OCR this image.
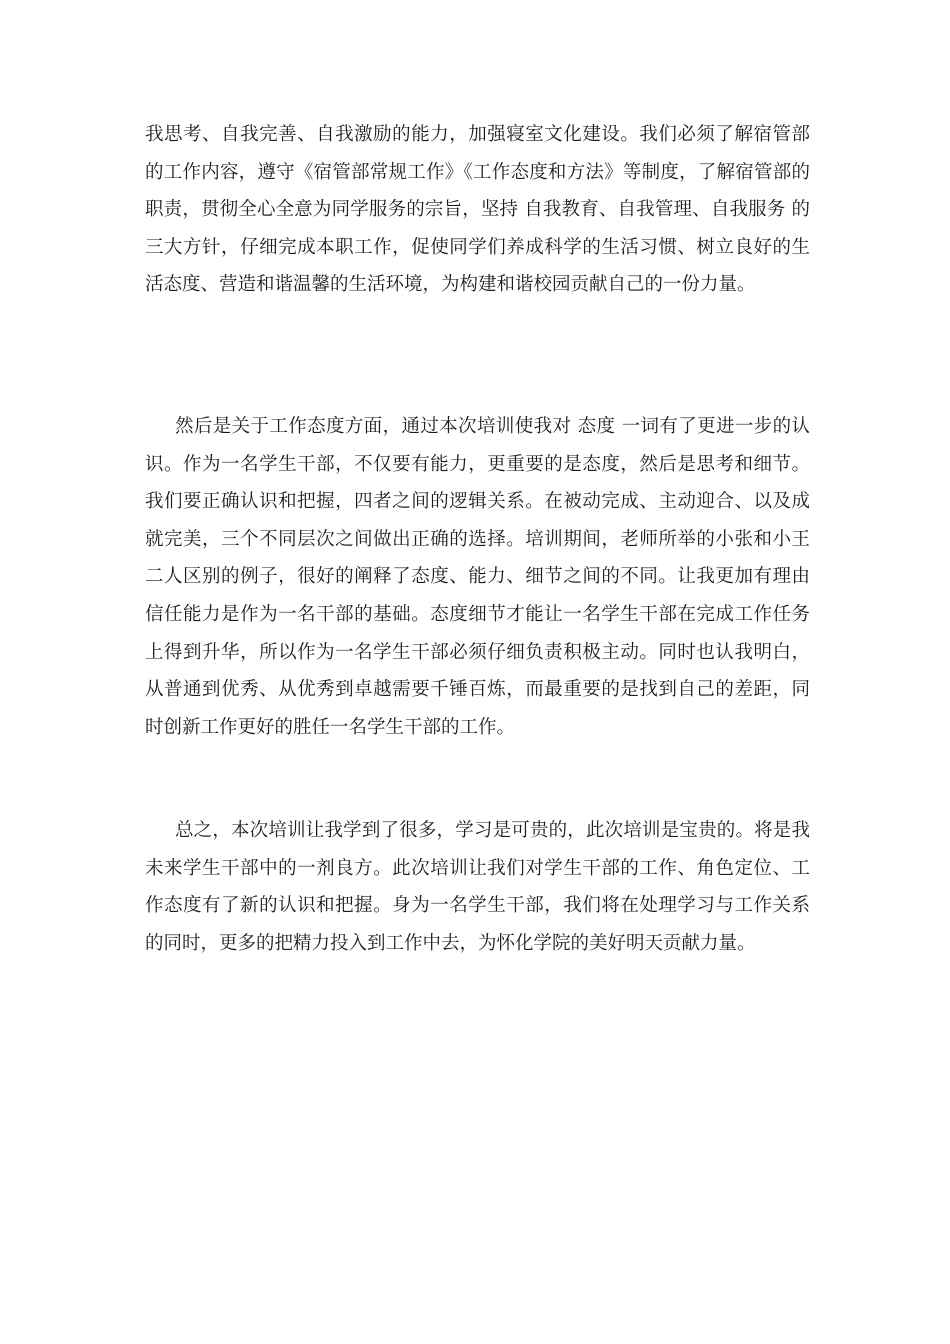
我思考、自我完善、自我激励的能力，加强寝室文化建设。我们必须了解宿管部的工作内容，遵守《宿管部常规工作》《工作态度和方法》等制度，了解宿管部的职责，贯彻全心全意为同学服务的宗旨，坚持 自我教育、自我管理、自我服务 的三大方针，仔细完成本职工作，促使同学们养成科学的生活习惯、树立良好的生活态度、营造和谐温馨的生活环境，为构建和谐校园贡献自己的一份力量。

然后是关于工作态度方面，通过本次培训使我对 态度 一词有了更进一步的认识。作为一名学生干部，不仅要有能力，更重要的是态度，然后是思考和细节。我们要正确认识和把握，四者之间的逻辑关系。在被动完成、主动迎合、以及成就完美，三个不同层次之间做出正确的选择。培训期间，老师所举的小张和小王二人区别的例子，很好的阐释了态度、能力、细节之间的不同。让我更加有理由信任能力是作为一名干部的基础。态度细节才能让一名学生干部在完成工作任务上得到升华，所以作为一名学生干部必须仔细负责积极主动。同时也认我明白，从普通到优秀、从优秀到卓越需要千锤百炼，而最重要的是找到自己的差距，同时创新工作更好的胜任一名学生干部的工作。

总之，本次培训让我学到了很多，学习是可贵的，此次培训是宝贵的。将是我未来学生干部中的一剂良方。此次培训让我们对学生干部的工作、角色定位、工作态度有了新的认识和把握。身为一名学生干部，我们将在处理学习与工作关系的同时，更多的把精力投入到工作中去，为怀化学院的美好明天贡献力量。
